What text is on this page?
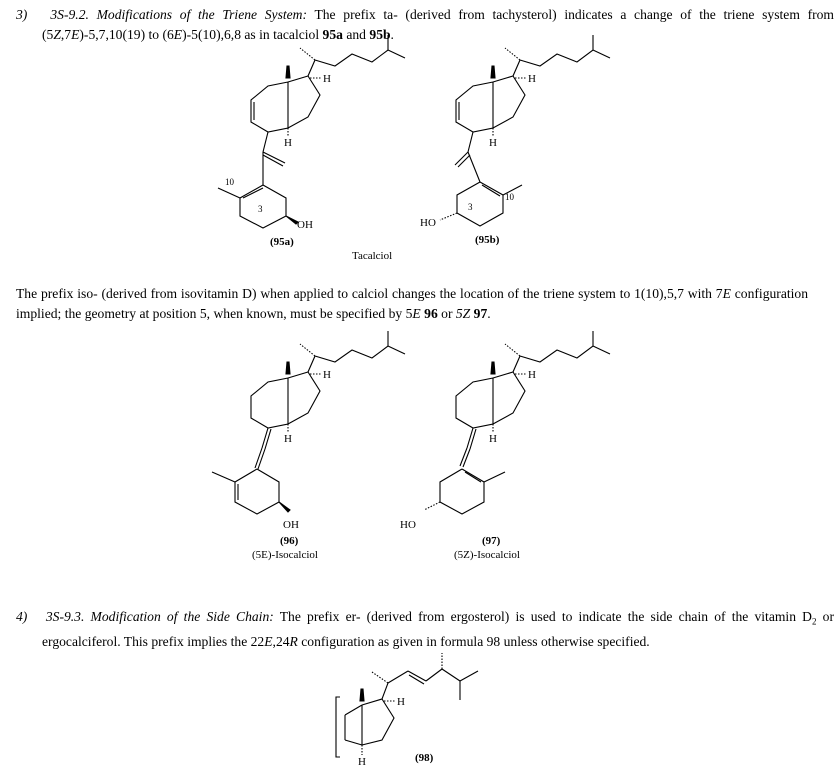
3) 3S-9.2. Modifications of the Triene System: The prefix ta- (derived from tachysterol) indicates a change of the triene system from (5Z,7E)-5,7,10(19) to (6E)-5(10),6,8 as in tacalciol 95a and 95b.
H
H
OH
10
3
(95a)
H
H
HO
10
3
(95b)
Tacalciol
The prefix iso- (derived from isovitamin D) when applied to calciol changes the location of the triene system to 1(10),5,7 with 7E configuration implied; the geometry at position 5, when known, must be specified by 5E 96 or 5Z 97.
H
H
OH
(96)
(5E)-Isocalciol
H
H
HO
(97)
(5Z)-Isocalciol
4) 3S-9.3. Modification of the Side Chain: The prefix er- (derived from ergosterol) is used to indicate the side chain of the vitamin $D_2$ or ergocalciferol. This prefix implies the 22E,24R configuration as given in formula 98 unless otherwise specified.
H
H	(98)
